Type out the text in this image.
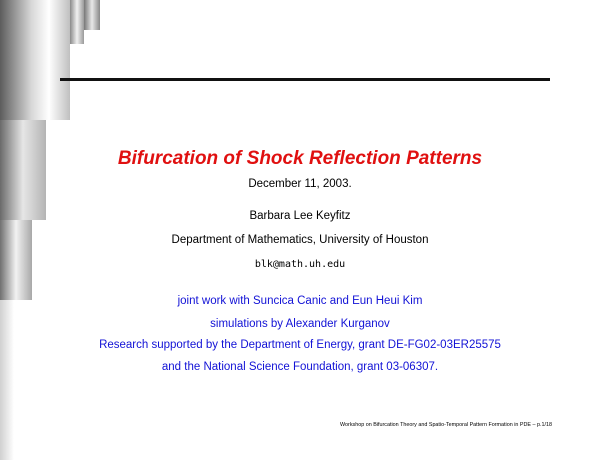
Bifurcation of Shock Reflection Patterns
December 11, 2003.
Barbara Lee Keyfitz
Department of Mathematics, University of Houston
blk@math.uh.edu
joint work with Suncica Canic and Eun Heui Kim
simulations by Alexander Kurganov
Research supported by the Department of Energy, grant DE-FG02-03ER25575
and the National Science Foundation, grant 03-06307.
Workshop on Bifurcation Theory and Spatio-Temporal Pattern Formation in PDE – p.1/18
